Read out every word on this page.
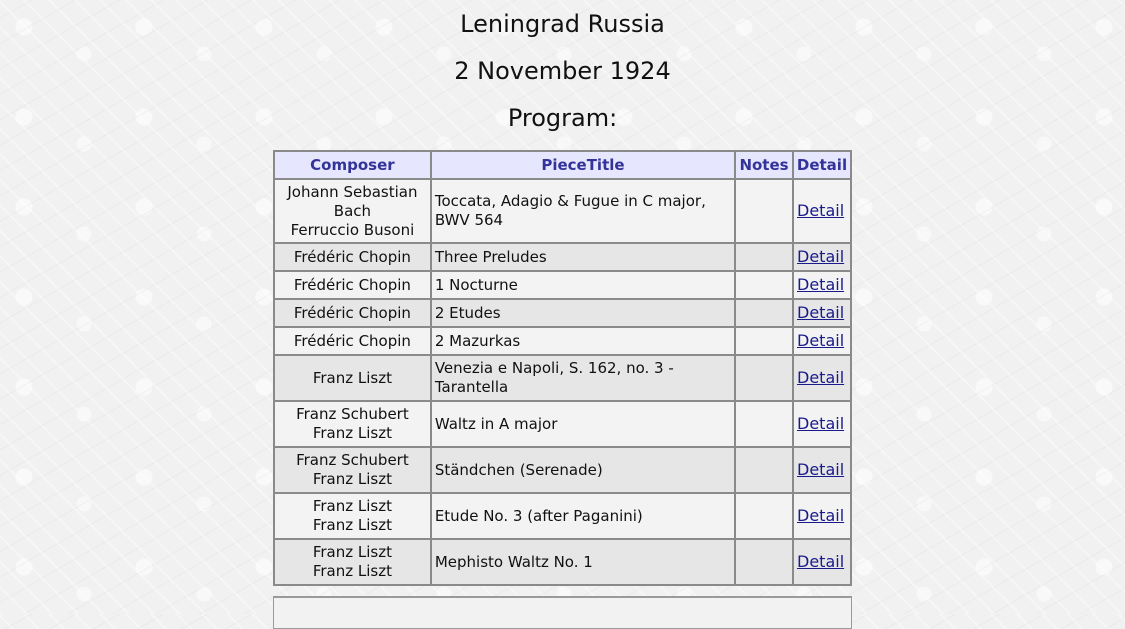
Leningrad Russia
2 November 1924
Program:
Composer	PieceTitle	Notes	Detail

Johann Sebastian Bach
Ferruccio Busoni	Toccata, Adagio & Fugue in C major, BWV 564		Detail

Frédéric Chopin	Three Preludes		Detail

Frédéric Chopin	1 Nocturne		Detail

Frédéric Chopin	2 Etudes		Detail

Frédéric Chopin	2 Mazurkas		Detail

Franz Liszt	Venezia e Napoli, S. 162, no. 3 - Tarantella		Detail

Franz Schubert
Franz Liszt	Waltz in A major		Detail

Franz Schubert
Franz Liszt	Ständchen (Serenade)		Detail

Franz Liszt
Franz Liszt	Etude No. 3 (after Paganini)		Detail

Franz Liszt
Franz Liszt	Mephisto Waltz No. 1		Detail
